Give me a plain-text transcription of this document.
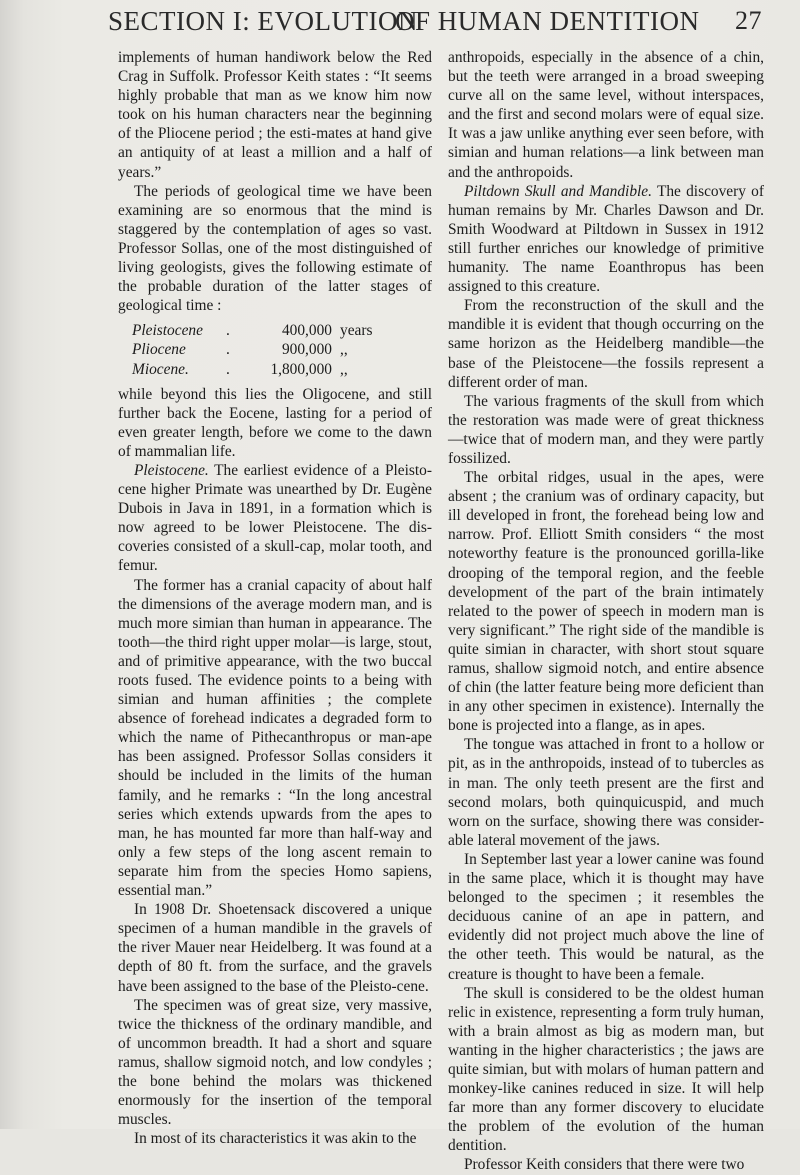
SECTION I: EVOLUTION
OF HUMAN DENTITION 27

implements of human handiwork below the Red Crag in Suffolk. Professor Keith states : “It seems highly probable that man as we know him now took on his human characters near the beginning of the Pliocene period ; the esti-mates at hand give an antiquity of at least a million and a half of years.”

The periods of geological time we have been examining are so enormous that the mind is staggered by the contemplation of ages so vast. Professor Sollas, one of the most distinguished of living geologists, gives the following estimate of the probable duration of the latter stages of geological time :

Pleistocene	.	400,000	years
Pliocene	.	900,000	,,
Miocene.	.	1,800,000	,,

while beyond this lies the Oligocene, and still further back the Eocene, lasting for a period of even greater length, before we come to the dawn of mammalian life.

Pleistocene. The earliest evidence of a Pleisto-cene higher Primate was unearthed by Dr. Eugène Dubois in Java in 1891, in a formation which is now agreed to be lower Pleistocene. The dis-coveries consisted of a skull-cap, molar tooth, and femur.

The former has a cranial capacity of about half the dimensions of the average modern man, and is much more simian than human in appearance. The tooth—the third right upper molar—is large, stout, and of primitive appearance, with the two buccal roots fused. The evidence points to a being with simian and human affinities ; the complete absence of forehead indicates a degraded form to which the name of Pithecanthropus or man-ape has been assigned. Professor Sollas considers it should be included in the limits of the human family, and he remarks : “In the long ancestral series which extends upwards from the apes to man, he has mounted far more than half-way and only a few steps of the long ascent remain to separate him from the species Homo sapiens, essential man.”

In 1908 Dr. Shoetensack discovered a unique specimen of a human mandible in the gravels of the river Mauer near Heidelberg. It was found at a depth of 80 ft. from the surface, and the gravels have been assigned to the base of the Pleisto-cene.

The specimen was of great size, very massive, twice the thickness of the ordinary mandible, and of uncommon breadth. It had a short and square ramus, shallow sigmoid notch, and low condyles ; the bone behind the molars was thickened enormously for the insertion of the temporal muscles.

In most of its characteristics it was akin to the

anthropoids, especially in the absence of a chin, but the teeth were arranged in a broad sweeping curve all on the same level, without interspaces, and the first and second molars were of equal size. It was a jaw unlike anything ever seen before, with simian and human relations—a link between man and the anthropoids.

Piltdown Skull and Mandible. The discovery of human remains by Mr. Charles Dawson and Dr. Smith Woodward at Piltdown in Sussex in 1912 still further enriches our knowledge of primitive humanity. The name Eoanthropus has been assigned to this creature.

From the reconstruction of the skull and the mandible it is evident that though occurring on the same horizon as the Heidelberg mandible—the base of the Pleistocene—the fossils represent a different order of man.

The various fragments of the skull from which the restoration was made were of great thickness —twice that of modern man, and they were partly fossilized.

The orbital ridges, usual in the apes, were absent ; the cranium was of ordinary capacity, but ill developed in front, the forehead being low and narrow. Prof. Elliott Smith considers “ the most noteworthy feature is the pronounced gorilla-like drooping of the temporal region, and the feeble development of the part of the brain intimately related to the power of speech in modern man is very significant.” The right side of the mandible is quite simian in character, with short stout square ramus, shallow sigmoid notch, and entire absence of chin (the latter feature being more deficient than in any other specimen in existence). Internally the bone is projected into a flange, as in apes.

The tongue was attached in front to a hollow or pit, as in the anthropoids, instead of to tubercles as in man. The only teeth present are the first and second molars, both quinquicuspid, and much worn on the surface, showing there was consider-able lateral movement of the jaws.

In September last year a lower canine was found in the same place, which it is thought may have belonged to the specimen ; it resembles the deciduous canine of an ape in pattern, and evidently did not project much above the line of the other teeth. This would be natural, as the creature is thought to have been a female.

The skull is considered to be the oldest human relic in existence, representing a form truly human, with a brain almost as big as modern man, but wanting in the higher characteristics ; the jaws are quite simian, but with molars of human pattern and monkey-like canines reduced in size. It will help far more than any former discovery to elucidate the problem of the evolution of the human dentition.

Professor Keith considers that there were two
